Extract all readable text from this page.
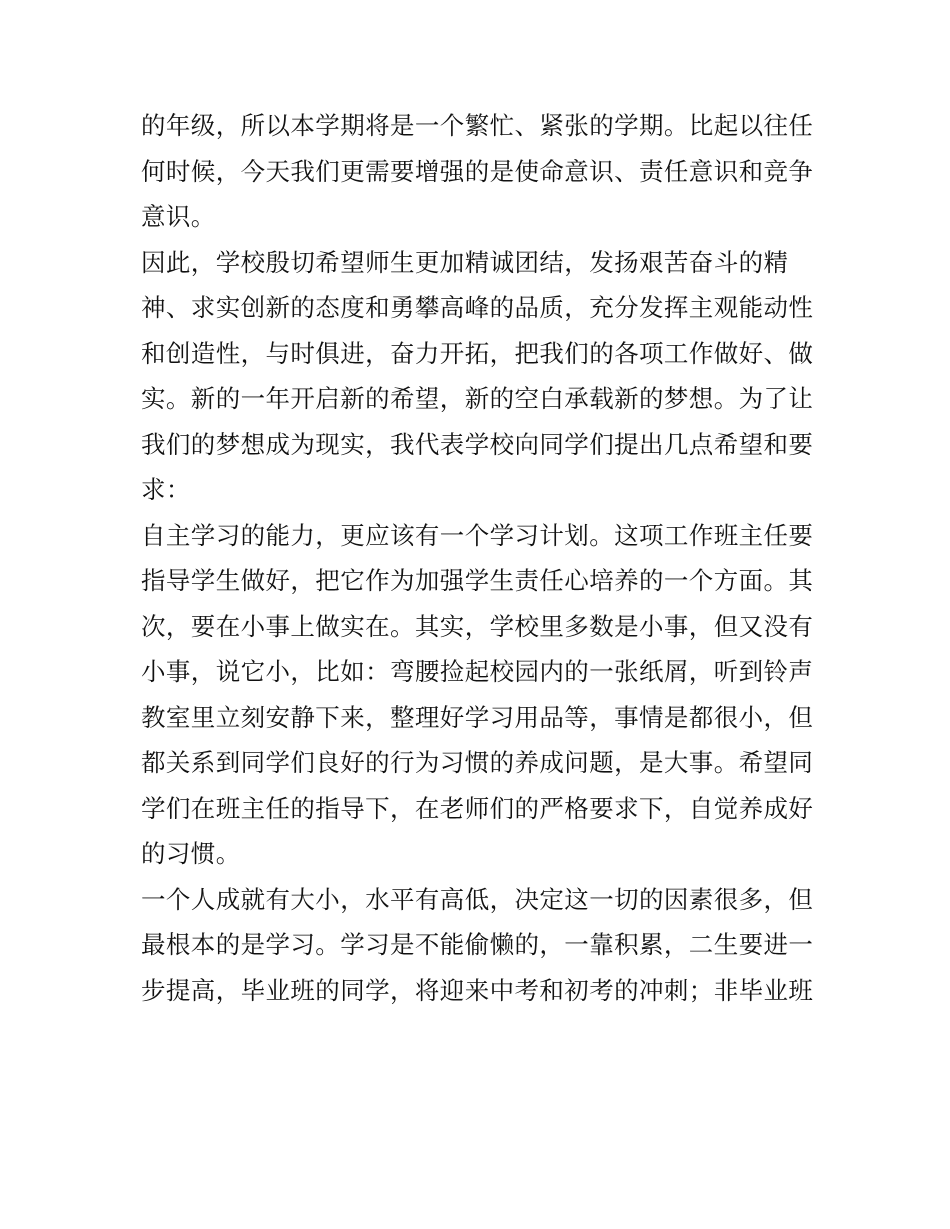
的年级，所以本学期将是一个繁忙、紧张的学期。比起以往任
何时候，今天我们更需要增强的是使命意识、责任意识和竞争
意识。
因此，学校殷切希望师生更加精诚团结，发扬艰苦奋斗的精
神、求实创新的态度和勇攀高峰的品质，充分发挥主观能动性
和创造性，与时俱进，奋力开拓，把我们的各项工作做好、做
实。新的一年开启新的希望，新的空白承载新的梦想。为了让
我们的梦想成为现实，我代表学校向同学们提出几点希望和要
求：
自主学习的能力，更应该有一个学习计划。这项工作班主任要
指导学生做好，把它作为加强学生责任心培养的一个方面。其
次，要在小事上做实在。其实，学校里多数是小事，但又没有
小事，说它小，比如：弯腰捡起校园内的一张纸屑，听到铃声
教室里立刻安静下来，整理好学习用品等，事情是都很小，但
都关系到同学们良好的行为习惯的养成问题，是大事。希望同
学们在班主任的指导下，在老师们的严格要求下，自觉养成好
的习惯。
一个人成就有大小，水平有高低，决定这一切的因素很多，但
最根本的是学习。学习是不能偷懒的，一靠积累，二生要进一
步提高，毕业班的同学，将迎来中考和初考的冲刺；非毕业班
